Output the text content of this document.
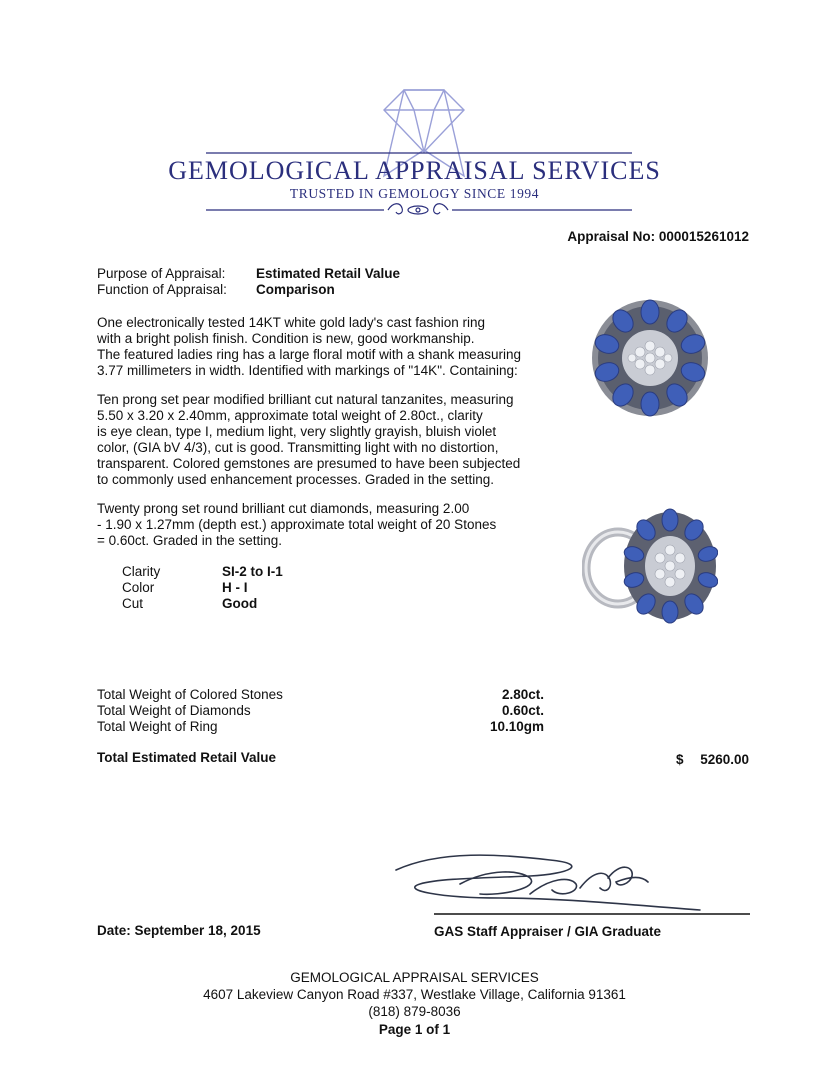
GEMOLOGICAL APPRAISAL SERVICES
TRUSTED IN GEMOLOGY SINCE 1994
Appraisal No: 000015261012
Purpose of Appraisal: Estimated Retail Value
Function of Appraisal: Comparison
One electronically tested 14KT white gold lady's cast fashion ring
with a bright polish finish. Condition is new, good workmanship.
The featured ladies ring has a large floral motif with a shank measuring
3.77 millimeters in width. Identified with markings of "14K". Containing:
Ten prong set pear modified brilliant cut natural tanzanites, measuring
5.50 x 3.20 x 2.40mm, approximate total weight of 2.80ct., clarity
is eye clean, type I, medium light, very slightly grayish, bluish violet
color, (GIA bV 4/3), cut is good. Transmitting light with no distortion,
transparent. Colored gemstones are presumed to have been subjected
to commonly used enhancement processes. Graded in the setting.
Twenty prong set round brilliant cut diamonds, measuring 2.00
- 1.90 x 1.27mm (depth est.) approximate total weight of 20 Stones
= 0.60ct. Graded in the setting.
Clarity	SI-2 to I-1
Color	H - I
Cut	Good
Total Weight of Colored Stones	2.80ct.
Total Weight of Diamonds	0.60ct.
Total Weight of Ring	10.10gm
Total Estimated Retail Value	$ 5260.00
Date: September 18, 2015	GAS Staff Appraiser / GIA Graduate
GEMOLOGICAL APPRAISAL SERVICES
4607 Lakeview Canyon Road #337, Westlake Village, California 91361
(818) 879-8036
Page 1 of 1
